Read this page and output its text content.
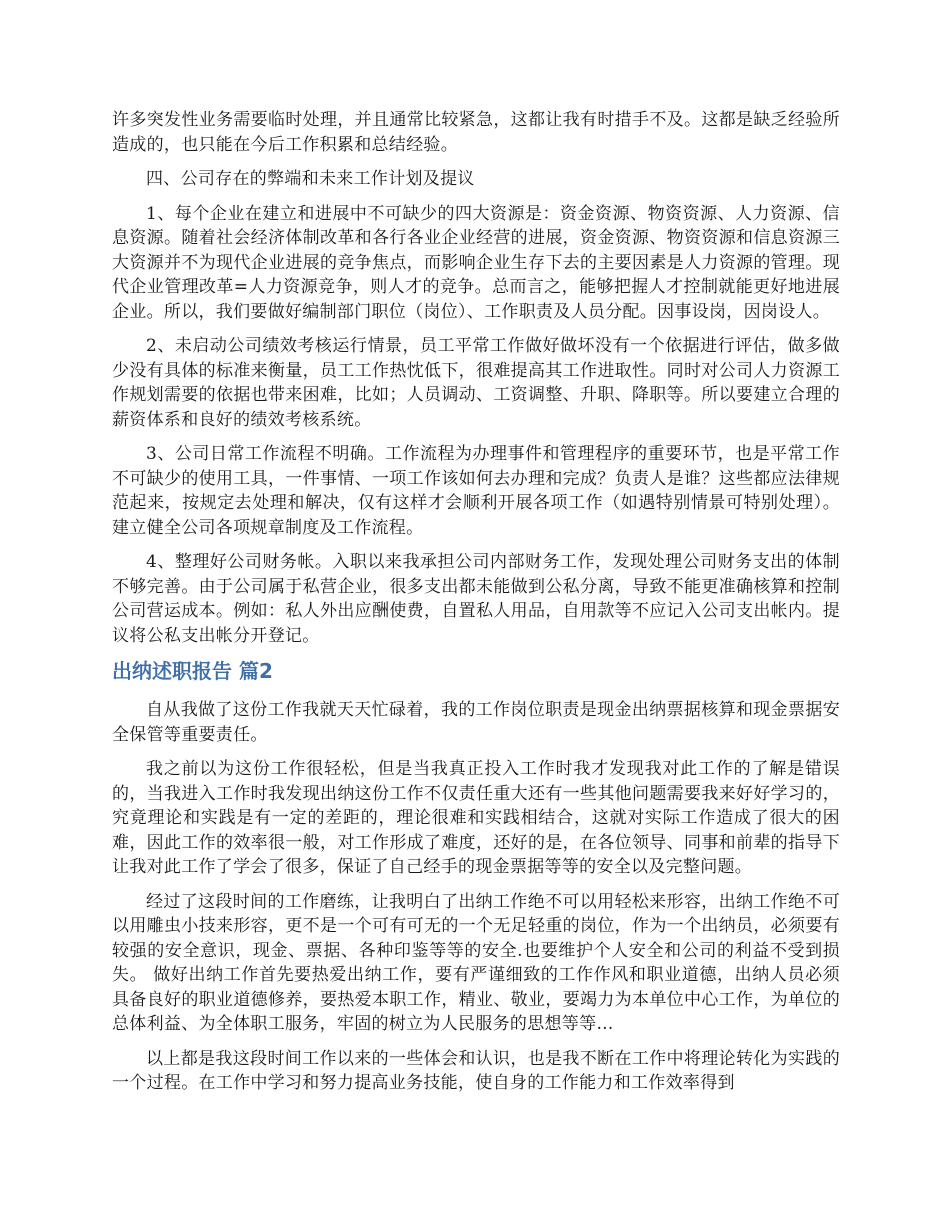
许多突发性业务需要临时处理，并且通常比较紧急，这都让我有时措手不及。这都是缺乏经验所造成的，也只能在今后工作积累和总结经验。

四、公司存在的弊端和未来工作计划及提议

1、每个企业在建立和进展中不可缺少的四大资源是：资金资源、物资资源、人力资源、信息资源。随着社会经济体制改革和各行各业企业经营的进展，资金资源、物资资源和信息资源三大资源并不为现代企业进展的竞争焦点，而影响企业生存下去的主要因素是人力资源的管理。现代企业管理改革=人力资源竞争，则人才的竞争。总而言之，能够把握人才控制就能更好地进展企业。所以，我们要做好编制部门职位（岗位）、工作职责及人员分配。因事设岗，因岗设人。

2、未启动公司绩效考核运行情景，员工平常工作做好做坏没有一个依据进行评估，做多做少没有具体的标准来衡量，员工工作热忱低下，很难提高其工作进取性。同时对公司人力资源工作规划需要的依据也带来困难，比如；人员调动、工资调整、升职、降职等。所以要建立合理的薪资体系和良好的绩效考核系统。

3、公司日常工作流程不明确。工作流程为办理事件和管理程序的重要环节，也是平常工作不可缺少的使用工具，一件事情、一项工作该如何去办理和完成？负责人是谁？这些都应法律规范起来，按规定去处理和解决，仅有这样才会顺利开展各项工作（如遇特别情景可特别处理）。建立健全公司各项规章制度及工作流程。

4、整理好公司财务帐。入职以来我承担公司内部财务工作，发现处理公司财务支出的体制不够完善。由于公司属于私营企业，很多支出都未能做到公私分离，导致不能更准确核算和控制公司营运成本。例如：私人外出应酬使费，自置私人用品，自用款等不应记入公司支出帐内。提议将公私支出帐分开登记。

出纳述职报告 篇2

自从我做了这份工作我就天天忙碌着，我的工作岗位职责是现金出纳票据核算和现金票据安全保管等重要责任。

我之前以为这份工作很轻松，但是当我真正投入工作时我才发现我对此工作的了解是错误的，当我进入工作时我发现出纳这份工作不仅责任重大还有一些其他问题需要我来好好学习的，究竟理论和实践是有一定的差距的，理论很难和实践相结合，这就对实际工作造成了很大的困难，因此工作的效率很一般，对工作形成了难度，还好的是，在各位领导、同事和前辈的指导下让我对此工作了学会了很多，保证了自己经手的现金票据等等的安全以及完整问题。

经过了这段时间的工作磨练，让我明白了出纳工作绝不可以用轻松来形容，出纳工作绝不可以用雕虫小技来形容，更不是一个可有可无的一个无足轻重的岗位，作为一个出纳员，必须要有较强的安全意识，现金、票据、各种印鉴等等的安全.也要维护个人安全和公司的利益不受到损失。 做好出纳工作首先要热爱出纳工作，要有严谨细致的工作作风和职业道德，出纳人员必须具备良好的职业道德修养，要热爱本职工作，精业、敬业，要竭力为本单位中心工作，为单位的总体利益、为全体职工服务，牢固的树立为人民服务的思想等等…

以上都是我这段时间工作以来的一些体会和认识，也是我不断在工作中将理论转化为实践的一个过程。在工作中学习和努力提高业务技能，使自身的工作能力和工作效率得到
